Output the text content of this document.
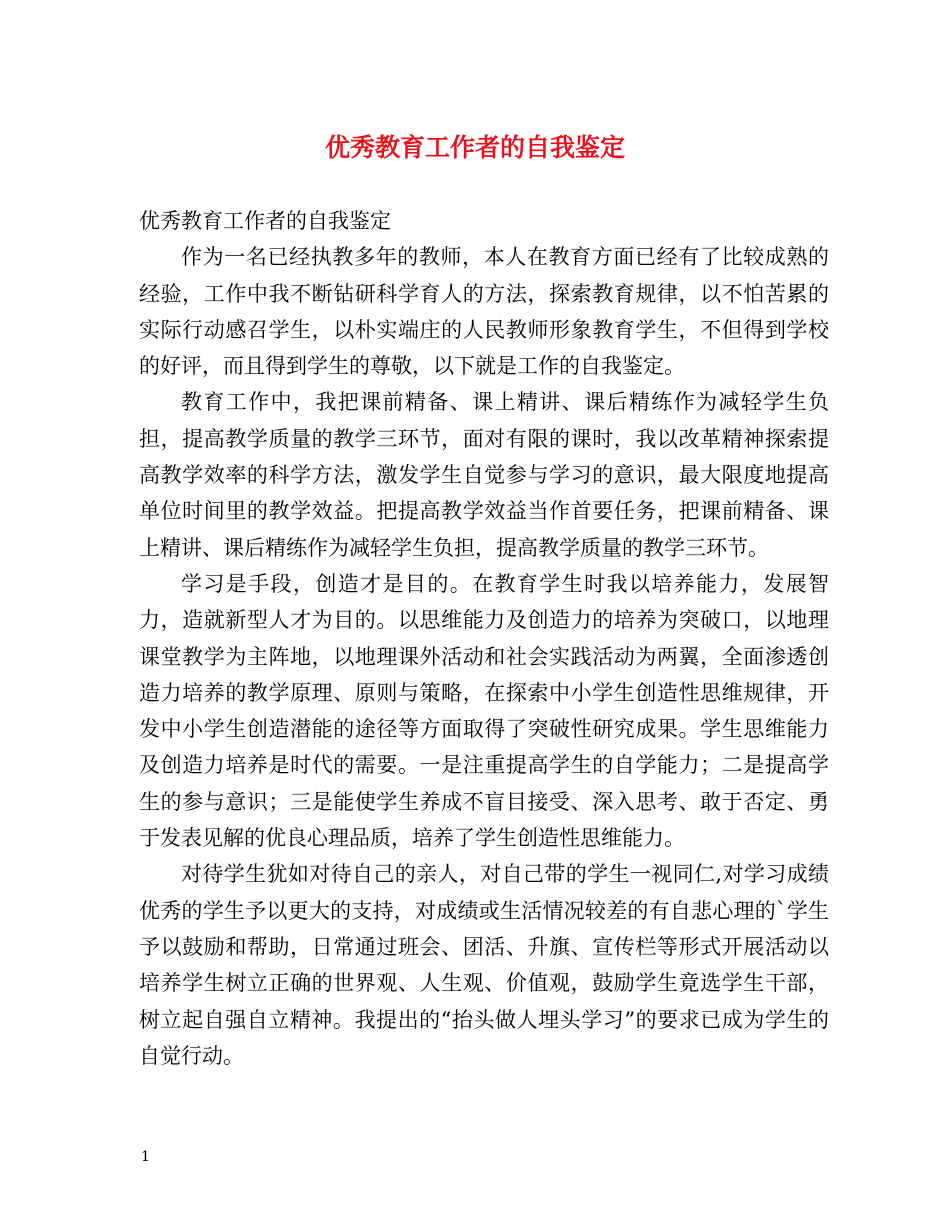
优秀教育工作者的自我鉴定

优秀教育工作者的自我鉴定

作为一名已经执教多年的教师，本人在教育方面已经有了比较成熟的经验，工作中我不断钻研科学育人的方法，探索教育规律，以不怕苦累的实际行动感召学生，以朴实端庄的人民教师形象教育学生，不但得到学校的好评，而且得到学生的尊敬，以下就是工作的自我鉴定。

教育工作中，我把课前精备、课上精讲、课后精练作为减轻学生负担，提高教学质量的教学三环节，面对有限的课时，我以改革精神探索提高教学效率的科学方法，激发学生自觉参与学习的意识，最大限度地提高单位时间里的教学效益。把提高教学效益当作首要任务，把课前精备、课上精讲、课后精练作为减轻学生负担，提高教学质量的教学三环节。

学习是手段，创造才是目的。在教育学生时我以培养能力，发展智力，造就新型人才为目的。以思维能力及创造力的培养为突破口，以地理课堂教学为主阵地，以地理课外活动和社会实践活动为两翼，全面渗透创造力培养的教学原理、原则与策略，在探索中小学生创造性思维规律，开发中小学生创造潜能的途径等方面取得了突破性研究成果。学生思维能力及创造力培养是时代的需要。一是注重提高学生的自学能力；二是提高学生的参与意识；三是能使学生养成不盲目接受、深入思考、敢于否定、勇于发表见解的优良心理品质，培养了学生创造性思维能力。

对待学生犹如对待自己的亲人，对自己带的学生一视同仁,对学习成绩优秀的学生予以更大的支持，对成绩或生活情况较差的有自悲心理的`学生予以鼓励和帮助，日常通过班会、团活、升旗、宣传栏等形式开展活动以培养学生树立正确的世界观、人生观、价值观，鼓励学生竟选学生干部，树立起自强自立精神。我提出的“抬头做人埋头学习”的要求已成为学生的自觉行动。

1
